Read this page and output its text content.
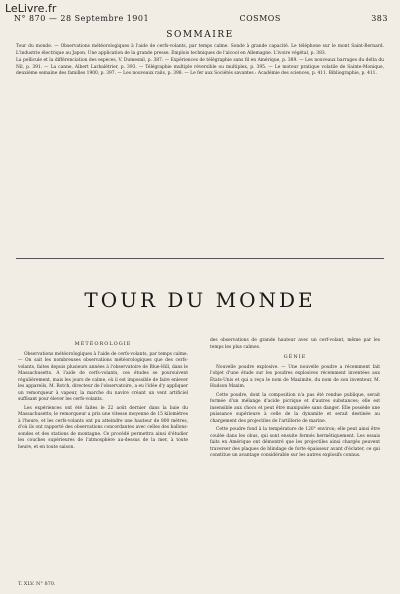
LeLivre.fr
N° 870 — 28 Septembre 1901	COSMOS	383
SOMMAIRE

Tour du monde. — Observations météorologiques à l'aide de cerfs-volants, par temps calme. Sonde à grande capacité. Le téléphone sur le mont Saint-Bernard. L'industrie électrique au Japon. Une application de la grande presse. Emplois techniques de l'alcool en Allemagne. L'ivoire végétal, p. 383.

La pellicule et la différenciation des espèces, V. Dumesnil, p. 387. — Expériences de télégraphie sans fil en Amérique, p. 389. — Les nouveaux barrages du delta du Nil, p. 391. — La canne, Albert Larbalétrier, p. 393. — Télégraphie multiple réversible ou multiplex, p. 395. — Le moteur pratique volatile de Sainte-Monique, deuxième semaine des familles 1900, p. 397. — Les nouveaux rails, p. 398. — Le fer aux Sociétés savantes : Académie des sciences, p. 411. Bibliographie, p. 411.

TOUR DU MONDE
MÉTÉOROLOGIE

Observations météorologiques à l'aide de cerfs-volants, par temps calme. — On sait les nombreuses observations météorologiques que des cerfs-volants, faites depuis plusieurs années à l'observatoire de Blue-Hill, dans le Massachusetts. A l'aide de cerfs-volants, ces études se poursuivent régulièrement, mais les jours de calme, où il est impossible de faire enlever les appareils, M. Rotch, directeur de l'observatoire, a eu l'idée d'y appliquer un remorqueur à vapeur, la marche du navire créant un vent artificiel suffisant pour élever les cerfs-volants.

Les expériences ont été faites le 22 août dernier dans la baie du Massachusetts; le remorqueur a pris une vitesse moyenne de 15 kilomètres à l'heure, et les cerfs-volants ont pu atteindre une hauteur de 800 mètres, d'où ils ont rapporté des observations concordantes avec celles des ballons-sondes et des stations de montagne. Ce procédé permettra ainsi d'étudier les couches supérieures de l'atmosphère au-dessus de la mer, à toute heure, et en toute saison.

des observations de grande hauteur avec un cerf-volant, même par les temps les plus calmes.

GÉNIE

Nouvelle poudre explosive. — Une nouvelle poudre a récemment fait l'objet d'une étude sur les poudres explosives récemment inventées aux États-Unis et qui a reçu le nom de Maximite, du nom de son inventeur, M. Hudson Maxim.

Cette poudre, dont la composition n'a pas été rendue publique, serait formée d'un mélange d'acide picrique et d'autres substances; elle est insensible aux chocs et peut être manipulée sans danger. Elle possède une puissance supérieure à celle de la dynamite et serait destinée au chargement des projectiles de l'artillerie de marine.

Cette poudre fond à la température de 120° environ; elle peut ainsi être coulée dans les obus, qui sont ensuite fermés hermétiquement. Les essais faits en Amérique ont démontré que les projectiles ainsi chargés peuvent traverser des plaques de blindage de forte épaisseur avant d'éclater, ce qui constitue un avantage considérable sur les autres explosifs connus.

T. XLV. N° 870.
